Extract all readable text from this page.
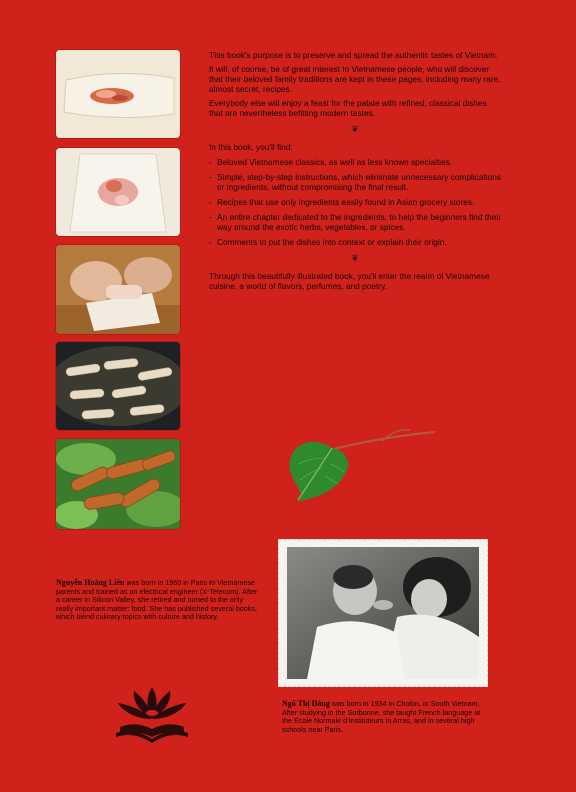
This book's purpose is to preserve and spread the authentic tastes of Vietnam.

It will, of course, be of great interest to Vietnamese people, who will discover that their beloved family traditions are kept in these pages, including many rare, almost secret, recipes.

Everybody else will enjoy a feast for the palate with refined, classical dishes that are nevertheless befitting modern tastes.

❦

In this book, you'll find:

- Beloved Vietnamese classics, as well as less known specialties.
- Simple, step-by-step instructions, which eliminate unnecessary complications or ingredients, without compromising the final result.
- Recipes that use only ingredients easily found in Asian grocery stores.
- An entire chapter dedicated to the ingredients, to help the beginners find their way around the exotic herbs, vegetables, or spices.
- Comments to put the dishes into context or explain their origin.
❦

Through this beautifully illustrated book, you'll enter the realm of Vietnamese cuisine, a world of flavors, perfumes, and poetry.

Nguyễn Hoàng Liên was born in 1960 in Paris to Vietnamese parents and trained as an electrical engineer (X-Telecom). After a career in Silicon Valley, she retired and turned to the only really important matter: food. She has published several books, which blend culinary topics with culture and history.
Ngô Thị Dàng was born in 1934 in Cholon, in South Vietnam. After studying in the Sorbonne, she taught French language at the Ecole Normale d'Instituteurs in Arras, and in several high schools near Paris.
